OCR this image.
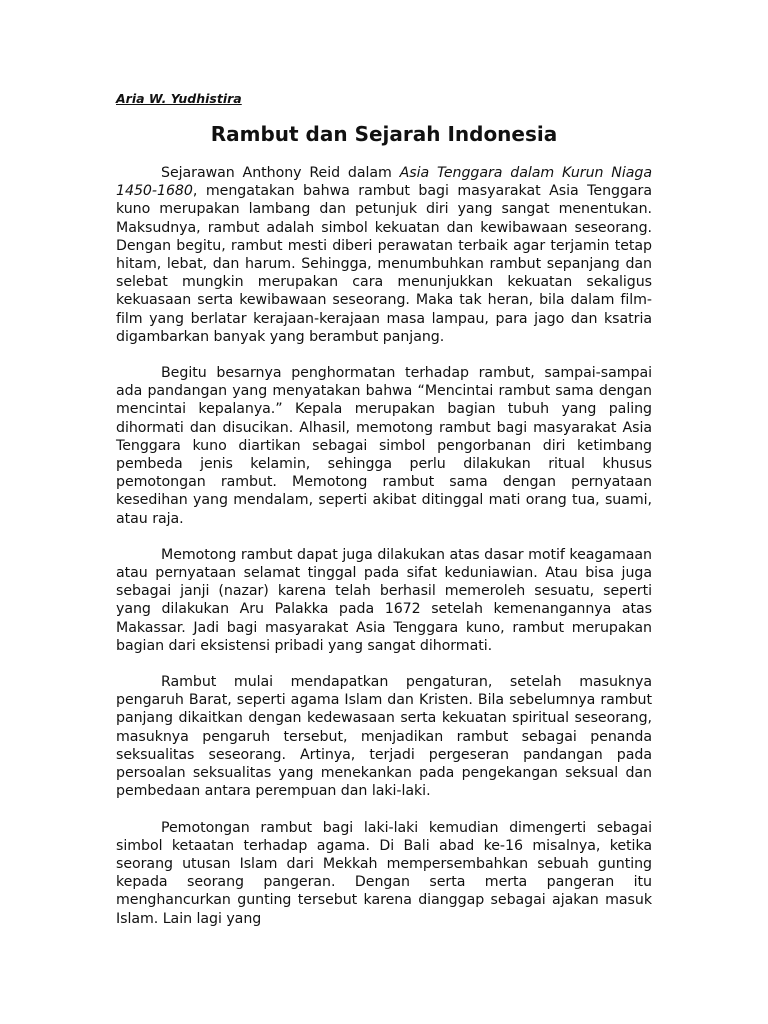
Aria W. Yudhistira

Rambut dan Sejarah Indonesia

Sejarawan Anthony Reid dalam Asia Tenggara dalam Kurun Niaga 1450-1680, mengatakan bahwa rambut bagi masyarakat Asia Tenggara kuno merupakan lambang dan petunjuk diri yang sangat menentukan. Maksudnya, rambut adalah simbol kekuatan dan kewibawaan seseorang. Dengan begitu, rambut mesti diberi perawatan terbaik agar terjamin tetap hitam, lebat, dan harum. Sehingga, menumbuhkan rambut sepanjang dan selebat mungkin merupakan cara menunjukkan kekuatan sekaligus kekuasaan serta kewibawaan seseorang. Maka tak heran, bila dalam film-film yang berlatar kerajaan-kerajaan masa lampau, para jago dan ksatria digambarkan banyak yang berambut panjang.

Begitu besarnya penghormatan terhadap rambut, sampai-sampai ada pandangan yang menyatakan bahwa “Mencintai rambut sama dengan mencintai kepalanya.” Kepala merupakan bagian tubuh yang paling dihormati dan disucikan. Alhasil, memotong rambut bagi masyarakat Asia Tenggara kuno diartikan sebagai simbol pengorbanan diri ketimbang pembeda jenis kelamin, sehingga perlu dilakukan ritual khusus pemotongan rambut. Memotong rambut sama dengan pernyataan kesedihan yang mendalam, seperti akibat ditinggal mati orang tua, suami, atau raja.

Memotong rambut dapat juga dilakukan atas dasar motif keagamaan atau pernyataan selamat tinggal pada sifat keduniawian. Atau bisa juga sebagai janji (nazar) karena telah berhasil memeroleh sesuatu, seperti yang dilakukan Aru Palakka pada 1672 setelah kemenangannya atas Makassar. Jadi bagi masyarakat Asia Tenggara kuno, rambut merupakan bagian dari eksistensi pribadi yang sangat dihormati.

Rambut mulai mendapatkan pengaturan, setelah masuknya pengaruh Barat, seperti agama Islam dan Kristen. Bila sebelumnya rambut panjang dikaitkan dengan kedewasaan serta kekuatan spiritual seseorang, masuknya pengaruh tersebut, menjadikan rambut sebagai penanda seksualitas seseorang. Artinya, terjadi pergeseran pandangan pada persoalan seksualitas yang menekankan pada pengekangan seksual dan pembedaan antara perempuan dan laki-laki.

Pemotongan rambut bagi laki-laki kemudian dimengerti sebagai simbol ketaatan terhadap agama. Di Bali abad ke-16 misalnya, ketika seorang utusan Islam dari Mekkah mempersembahkan sebuah gunting kepada seorang pangeran. Dengan serta merta pangeran itu menghancurkan gunting tersebut karena dianggap sebagai ajakan masuk Islam. Lain lagi yang
